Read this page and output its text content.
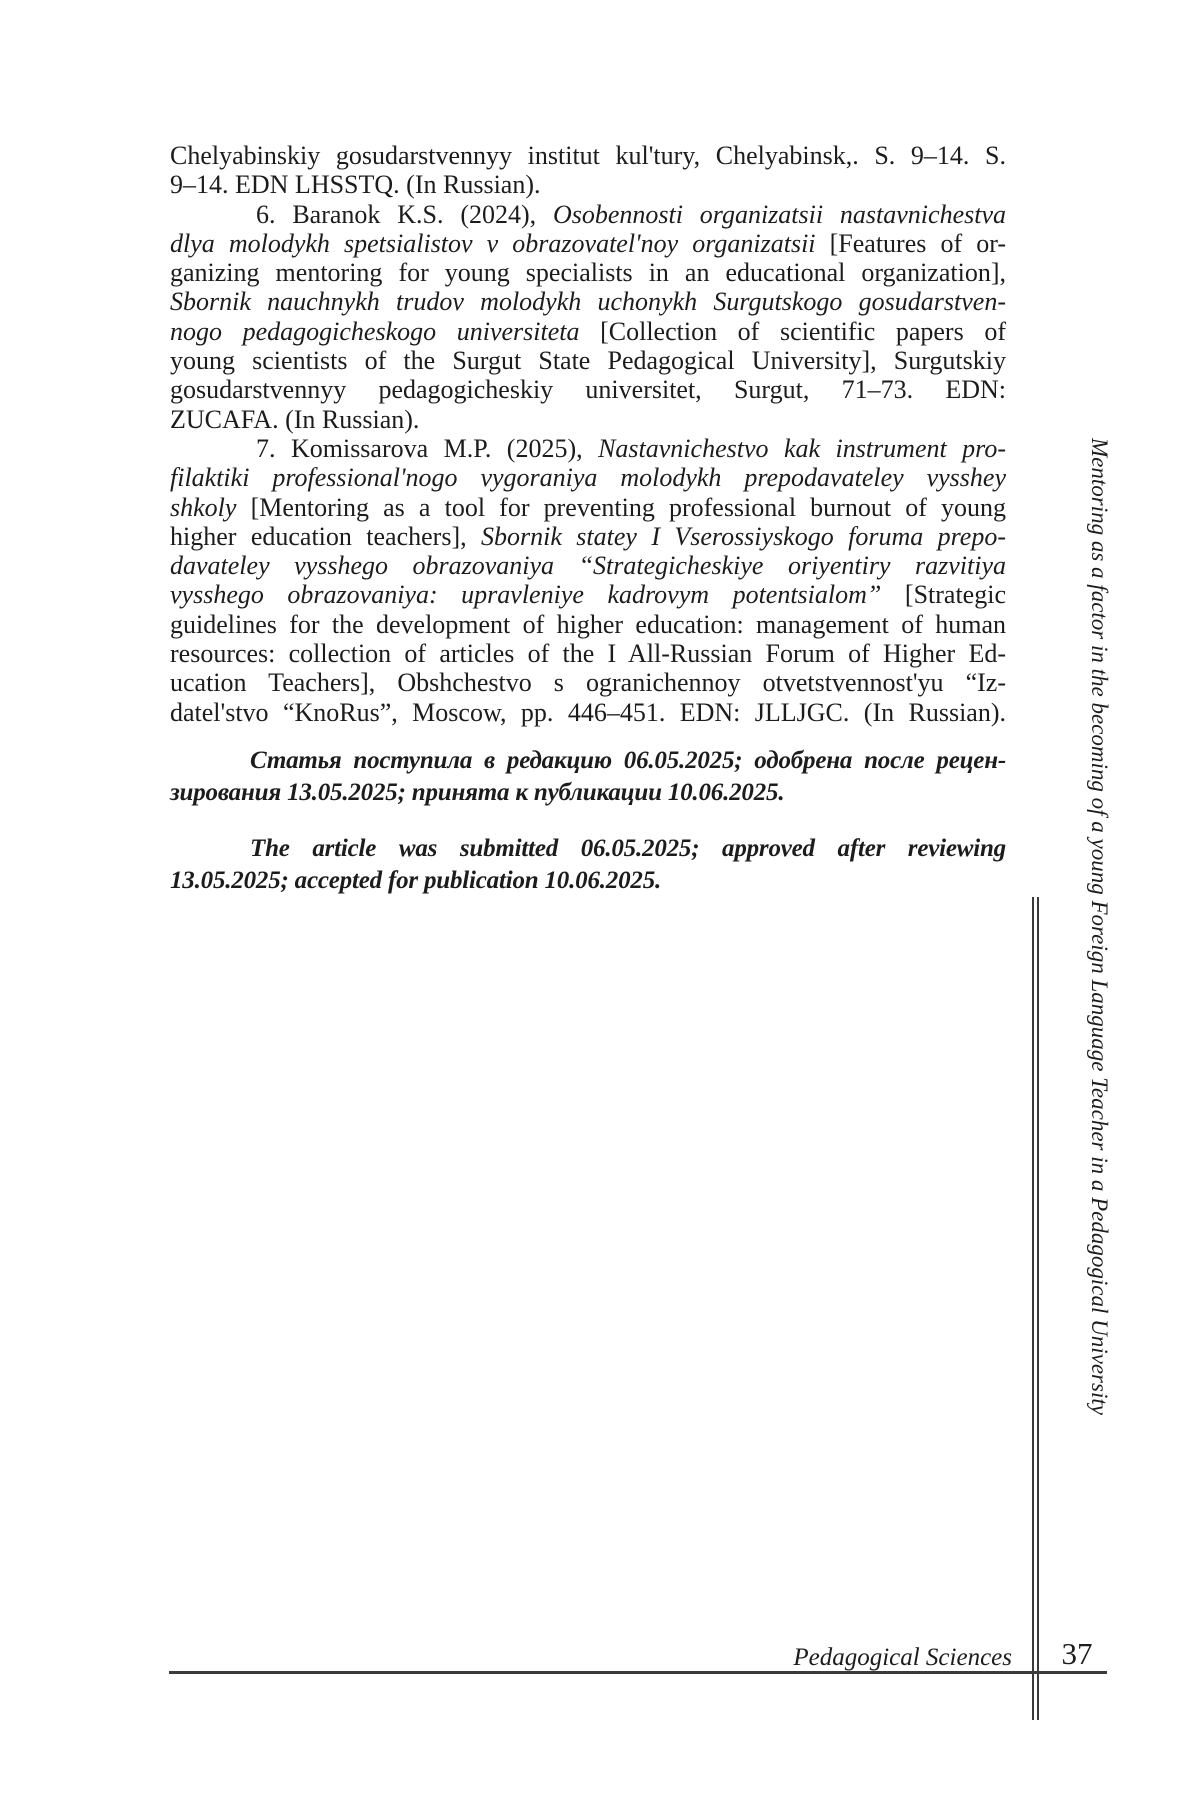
Chelyabinskiy gosudarstvennyy institut kul'tury, Chelyabinsk,. S. 9–14. S.
9–14. EDN LHSSTQ. (In Russian).
6. Baranok K.S. (2024), Osobennosti organizatsii nastavnichestva
dlya molodykh spetsialistov v obrazovatel'noy organizatsii [Features of or-
ganizing mentoring for young specialists in an educational organization],
Sbornik nauchnykh trudov molodykh uchonykh Surgutskogo gosudarstven-
nogo pedagogicheskogo universiteta [Collection of scientific papers of
young scientists of the Surgut State Pedagogical University], Surgutskiy
gosudarstvennyy pedagogicheskiy universitet, Surgut, 71–73. EDN:
ZUCAFA. (In Russian).
7. Komissarova M.P. (2025), Nastavnichestvo kak instrument pro-
filaktiki professional'nogo vygoraniya molodykh prepodavateley vysshey
shkoly [Mentoring as a tool for preventing professional burnout of young
higher education teachers], Sbornik statey I Vserossiyskogo foruma prepo-
davateley vysshego obrazovaniya “Strategicheskiye oriyentiry razvitiya
vysshego obrazovaniya: upravleniye kadrovym potentsialom” [Strategic
guidelines for the development of higher education: management of human
resources: collection of articles of the I All-Russian Forum of Higher Ed-
ucation Teachers], Obshchestvo s ogranichennoy otvetstvennost'yu “Iz-
datel'stvo “KnoRus”, Moscow, pp. 446–451. EDN: JLLJGC. (In Russian).
Статья поступила в редакцию 06.05.2025; одобрена после рецен-
зирования 13.05.2025; принята к публикации 10.06.2025.
The article was submitted 06.05.2025; approved after reviewing
13.05.2025; accepted for publication 10.06.2025.	Mentoring as a factor in the becoming of a young Foreign Language Teacher in a Pedagogical University
Pedagogical Sciences	37
